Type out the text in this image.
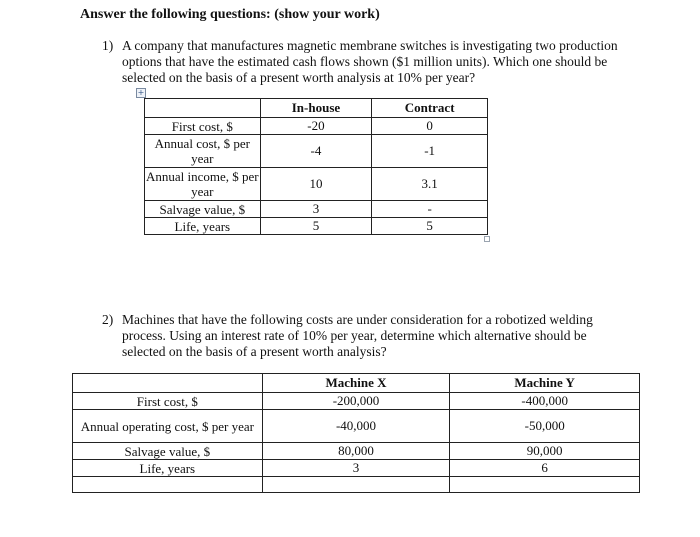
Answer the following questions: (show your work)
1) A company that manufactures magnetic membrane switches is investigating two production options that have the estimated cash flows shown ($1 million units). Which one should be selected on the basis of a present worth analysis at 10% per year?
+
	In-house	Contract
First cost, $	-20	0
Annual cost, $ per year	-4	-1
Annual income, $ per year	10	3.1
Salvage value, $	3	-
Life, years	5	5
2) Machines that have the following costs are under consideration for a robotized welding process. Using an interest rate of 10% per year, determine which alternative should be selected on the basis of a present worth analysis?
	Machine X	Machine Y
First cost, $	-200,000	-400,000
Annual operating cost, $ per year	-40,000	-50,000
Salvage value, $	80,000	90,000
Life, years	3	6
